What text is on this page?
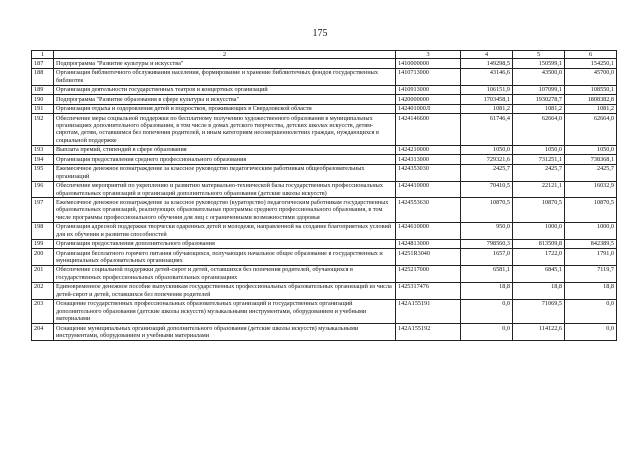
175
1	2	3	4	5	6
187	Подпрограмма "Развитие культуры и искусства"	1410000000	149298,5	150599,1	154250,1
188	Организация библиотечного обслуживания населения, формирование и хранение библиотечных фондов государственных библиотек	1410713000	43146,6	43500,0	45700,0
189	Организация деятельности государственных театров и концертных организаций	1410913000	106151,9	107099,1	108550,1
190	Подпрограмма "Развитие образования в сфере культуры и искусства"	1420000000	1703458,1	1930278,7	1808382,8
191	Организация отдыха и оздоровления детей и подростков, проживающих в Свердловской области	142401000Л	1081,2	1081,2	1081,2
192	Обеспечение меры социальной поддержки по бесплатному получению художественного образования в муниципальных организациях дополнительного образования, в том числе в домах детского творчества, детских школах искусств, детям-сиротам, детям, оставшимся без попечения родителей, и иным категориям несовершеннолетних граждан, нуждающихся в социальной поддержке	1424146600	61746,4	62664,0	62664,0
193	Выплата премий, стипендий в сфере образования	1424210000	1050,0	1050,0	1050,0
194	Организация предоставления среднего профессионального образования	1424313000	729321,6	731251,1	738368,1
195	Ежемесячное денежное вознаграждение за классное руководство педагогическим работникам общеобразовательных организаций	1424353030	2425,7	2425,7	2425,7
196	Обеспечение мероприятий по укреплению и развитию материально-технической базы государственных профессиональных образовательных организаций и организаций дополнительного образования (детские школы искусств)	1424410000	70410,5	22121,1	16032,9
197	Ежемесячное денежное вознаграждение за классное руководство (кураторство) педагогическим работникам государственных образовательных организаций, реализующих образовательные программы среднего профессионального образования, в том числе программы профессионального обучения для лиц с ограниченными возможностями здоровья	1424553630	10870,5	10870,5	10870,5
198	Организация адресной поддержки творчески одаренных детей и молодежи, направленной на создание благоприятных условий для их обучения и развития способностей	1424610000	950,0	1000,0	1000,0
199	Организация предоставления дополнительного образования	1424813000	798560,3	813509,8	842389,5
200	Организация бесплатного горячего питания обучающихся, получающих начальное общее образование в государственных и муниципальных образовательных организациях	14251R3040	1657,0	1722,0	1791,0
201	Обеспечение социальной поддержки детей-сирот и детей, оставшихся без попечения родителей, обучающихся в государственных профессиональных образовательных организациях	1425217000	6581,1	6845,1	7119,7
202	Единовременное денежное пособие выпускникам государственных профессиональных образовательных организаций из числа детей-сирот и детей, оставшихся без попечения родителей	1425317476	18,8	18,8	18,8
203	Оснащение государственных профессиональных образовательных организаций и государственных организаций дополнительного образования (детские школы искусств) музыкальными инструментами, оборудованием и учебными материалами	142A155191	0,0	71069,5	0,0
204	Оснащение муниципальных организаций дополнительного образования (детские школы искусств) музыкальными инструментами, оборудованием и учебными материалами	142A155192	0,0	114122,6	0,0
